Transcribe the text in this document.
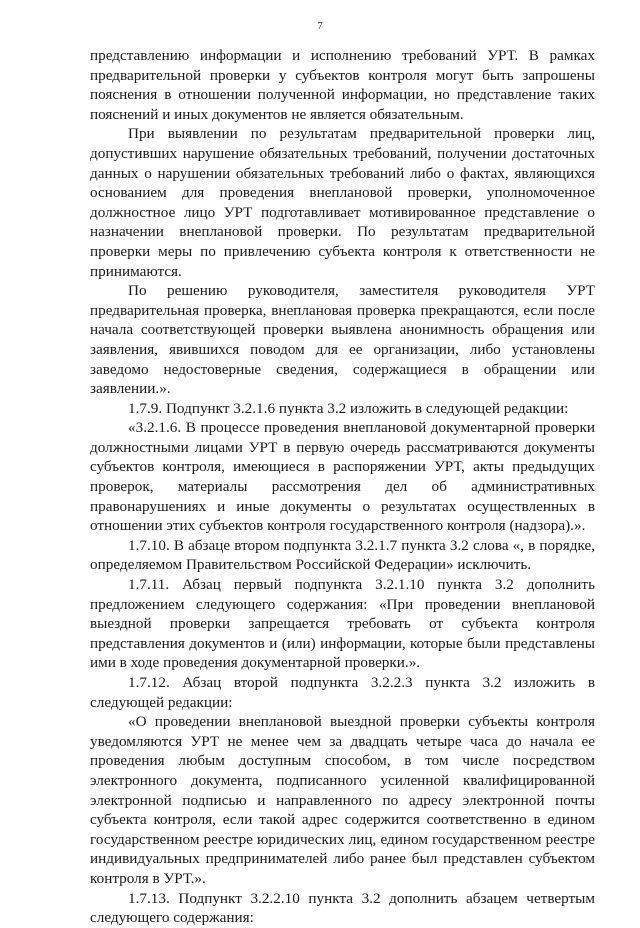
7

представлению информации и исполнению требований УРТ. В рамках предварительной проверки у субъектов контроля могут быть запрошены пояснения в отношении полученной информации, но представление таких пояснений и иных документов не является обязательным.

При выявлении по результатам предварительной проверки лиц, допустивших нарушение обязательных требований, получении достаточных данных о нарушении обязательных требований либо о фактах, являющихся основанием для проведения внеплановой проверки, уполномоченное должностное лицо УРТ подготавливает мотивированное представление о назначении внеплановой проверки. По результатам предварительной проверки меры по привлечению субъекта контроля к ответственности не принимаются.

По решению руководителя, заместителя руководителя УРТ предварительная проверка, внеплановая проверка прекращаются, если после начала соответствующей проверки выявлена анонимность обращения или заявления, явившихся поводом для ее организации, либо установлены заведомо недостоверные сведения, содержащиеся в обращении или заявлении.».

1.7.9. Подпункт 3.2.1.6 пункта 3.2 изложить в следующей редакции:

«3.2.1.6. В процессе проведения внеплановой документарной проверки должностными лицами УРТ в первую очередь рассматриваются документы субъектов контроля, имеющиеся в распоряжении УРТ, акты предыдущих проверок, материалы рассмотрения дел об административных правонарушениях и иные документы о результатах осуществленных в отношении этих субъектов контроля государственного контроля (надзора).».

1.7.10. В абзаце втором подпункта 3.2.1.7 пункта 3.2 слова «, в порядке, определяемом Правительством Российской Федерации» исключить.

1.7.11. Абзац первый подпункта 3.2.1.10 пункта 3.2 дополнить предложением следующего содержания: «При проведении внеплановой выездной проверки запрещается требовать от субъекта контроля представления документов и (или) информации, которые были представлены ими в ходе проведения документарной проверки.».

1.7.12. Абзац второй подпункта 3.2.2.3 пункта 3.2 изложить в следующей редакции:

«О проведении внеплановой выездной проверки субъекты контроля уведомляются УРТ не менее чем за двадцать четыре часа до начала ее проведения любым доступным способом, в том числе посредством электронного документа, подписанного усиленной квалифицированной электронной подписью и направленного по адресу электронной почты субъекта контроля, если такой адрес содержится соответственно в едином государственном реестре юридических лиц, едином государственном реестре индивидуальных предпринимателей либо ранее был представлен субъектом контроля в УРТ.».

1.7.13. Подпункт 3.2.2.10 пункта 3.2 дополнить абзацем четвертым следующего содержания:
